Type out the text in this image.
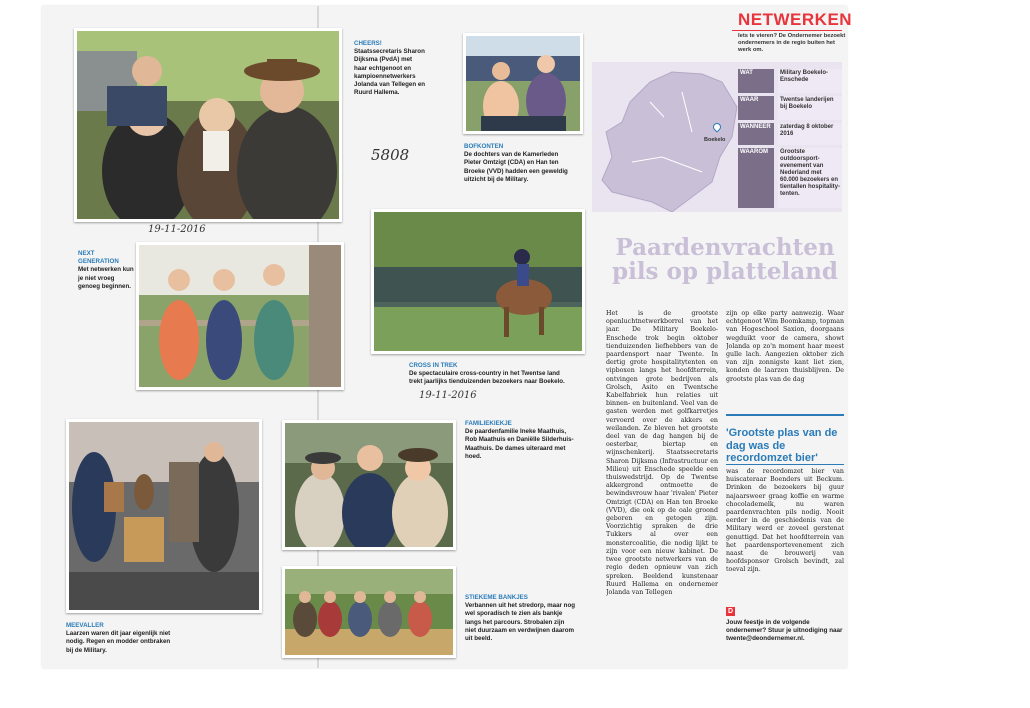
CHEERS!
Staatssecretaris Sharon Dijksma (PvdA) met haar echtgenoot en kampioennetwerkers Jolanda van Tellegen en Ruurd Hallema.
BOFKONTEN
De dochters van de Kamerleden Pieter Omtzigt (CDA) en Han ten Broeke (VVD) hadden een geweldig uitzicht bij de Military.
5808
19-11-2016
19-11-2016
NEXT GENERATION
Met netwerken kun je niet vroeg genoeg beginnen.
CROSS IN TREK
De spectaculaire cross-country in het Twentse land trekt jaarlijks tienduizenden bezoekers naar Boekelo.
MEEVALLER
Laarzen waren dit jaar eigenlijk niet nodig. Regen en modder ontbraken bij de Military.
FAMILIEKIEKJE
De paardenfamilie Ineke Maathuis, Rob Maathuis en Daniëlle Silderhuis-Maathuis. De dames uiteraard met hoed.
STIEKEME BANKJES
Verbannen uit het stredorp, maar nog wel sporadisch te zien als bankje langs het parcours. Strobalen zijn niet duurzaam en verdwijnen daarom uit beeld.
NETWERKEN
Iets te vieren? De Ondernemer bezoekt ondernemers in de regio buiten het werk om.
Boekelo
WAT	Military Boekelo-Enschede
WAAR	Twentse landerijen bij Boekelo
WANNEER	zaterdag 8 oktober 2016
WAAROM	Grootste outdoorsport-evenement van Nederland met 60.000 bezoekers en tientallen hospitality-tenten.
Paardenvrachten
pils op platteland
Het is de grootste openluchtnetwerkborrel van het jaar. De Military Boekelo-Enschede trok begin oktober tienduizenden liefhebbers van de paardensport naar Twente. In dertig grote hospitalitytenten en vipboxen langs het hoofdterrein, ontvingen grote bedrijven als Grolsch, Asito en Twentsche Kabelfabriek hun relaties uit binnen- en buitenland. Veel van de gasten werden met golfkarretjes vervoerd over de akkers en weilanden. Ze bleven het grootste deel van de dag hangen bij de oesterbar, biertap en wijnschenkerij. Staatssecretaris Sharon Dijksma (Infrastructuur en Milieu) uit Enschede speelde een thuiswedstrijd. Op de Twentse akkergrond ontmoette de bewindsvrouw haar 'rivalen' Pieter Omtzigt (CDA) en Han ten Broeke (VVD), die ook op de oale groond geboren en getogen zijn. Voorzichtig spraken de drie Tukkers al over een monstercoalitie, die nodig lijkt te zijn voor een nieuw kabinet. De twee grootste netwerkers van de regio deden opnieuw van zich spreken. Beeldend kunstenaar Ruurd Hallema en ondernemer Jolanda van Tellegen
zijn op elke party aanwezig. Waar echtgenoot Wim Boomkamp, topman van Hogeschool Saxion, doorgaans wegduikt voor de camera, showt Jolanda op zo'n moment haar meest gulle lach. Aangezien oktober zich van zijn zonnigste kant liet zien, konden de laarzen thuisblijven. De grootste plas van de dag
'Grootste plas van de dag was de recordomzet bier'
was de recordomzet bier van huiscateraar Boenders uit Beckum. Drinken de bezoekers bij guur najaarsweer graag koffie en warme chocolademelk, nu waren paardenvrachten pils nodig. Nooit eerder in de geschiedenis van de Military werd er zoveel gerstenat genuttigd. Dat het hoofdterrein van het paardensportevenement zich naast de brouwerij van hoofdsponsor Grolsch bevindt, zal toeval zijn.
D
Jouw feestje in de volgende ondernemer? Stuur je uitnodiging naar twente@deondernemer.nl.
